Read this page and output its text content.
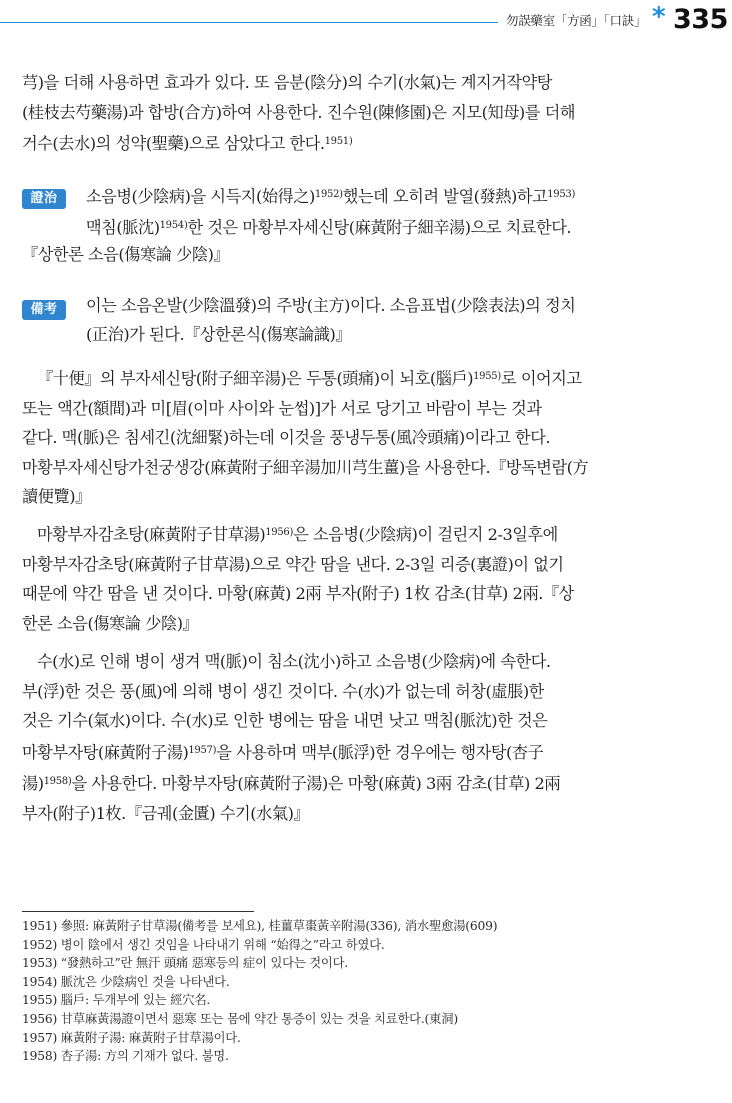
勿誤藥室「方函」「口訣」 * 335

芎)을 더해 사용하면 효과가 있다. 또 음분(陰分)의 수기(水氣)는 계지거작약탕
(桂枝去芍藥湯)과 합방(合方)하여 사용한다. 진수원(陳修園)은 지모(知母)를 더해
거수(去水)의 성약(聖藥)으로 삼았다고 한다.$^{1951)}$

證治	소음병(少陰病)을 시득지(始得之)$^{1952)}$했는데 오히려 발열(發熱)하고$^{1953)}$
맥침(脈沈)$^{1954)}$한 것은 마황부자세신탕(麻黃附子細辛湯)으로 치료한다.

『상한론 소음(傷寒論 少陰)』

備考	이는 소음온발(少陰溫發)의 주방(主方)이다. 소음표법(少陰表法)의 정치
(正治)가 된다.『상한론식(傷寒論識)』

『十便』의 부자세신탕(附子細辛湯)은 두통(頭痛)이 뇌호(腦戶)$^{1955)}$로 이어지고
또는 액간(額間)과 미[眉(이마 사이와 눈썹)]가 서로 당기고 바람이 부는 것과
같다. 맥(脈)은 침세긴(沈細緊)하는데 이것을 풍냉두통(風冷頭痛)이라고 한다.
마황부자세신탕가천궁생강(麻黃附子細辛湯加川芎生薑)을 사용한다.『방독변람(方
讀便覽)』

마황부자감초탕(麻黃附子甘草湯)$^{1956)}$은 소음병(少陰病)이 걸린지 2-3일후에
마황부자감초탕(麻黃附子甘草湯)으로 약간 땀을 낸다. 2-3일 리증(裏證)이 없기
때문에 약간 땀을 낸 것이다. 마황(麻黃) 2兩 부자(附子) 1枚 감초(甘草) 2兩.『상
한론 소음(傷寒論 少陰)』

수(水)로 인해 병이 생겨 맥(脈)이 침소(沈小)하고 소음병(少陰病)에 속한다.
부(浮)한 것은 풍(風)에 의해 병이 생긴 것이다. 수(水)가 없는데 허창(虛脹)한
것은 기수(氣水)이다. 수(水)로 인한 병에는 땀을 내면 낫고 맥침(脈沈)한 것은
마황부자탕(麻黃附子湯)$^{1957)}$을 사용하며 맥부(脈浮)한 경우에는 행자탕(杏子
湯)$^{1958)}$을 사용한다. 마황부자탕(麻黃附子湯)은 마황(麻黃) 3兩 감초(甘草) 2兩
부자(附子)1枚.『금궤(金匱) 수기(水氣)』

1951) 參照: 麻黃附子甘草湯(備考를 보세요), 桂薑草棗黃辛附湯(336), 消水聖愈湯(609)
1952) 병이 陰에서 생긴 것임을 나타내기 위해 “始得之”라고 하였다.
1953) “發熱하고”란 無汗 頭痛 惡寒등의 症이 있다는 것이다.
1954) 脈沈은 少陰病인 것을 나타낸다.
1955) 腦戶: 두개부에 있는 經穴名.
1956) 甘草麻黃湯證이면서 惡寒 또는 몸에 약간 통증이 있는 것을 치료한다.(東洞)
1957) 麻黃附子湯: 麻黃附子甘草湯이다.
1958) 杏子湯: 方의 기재가 없다. 불명.
